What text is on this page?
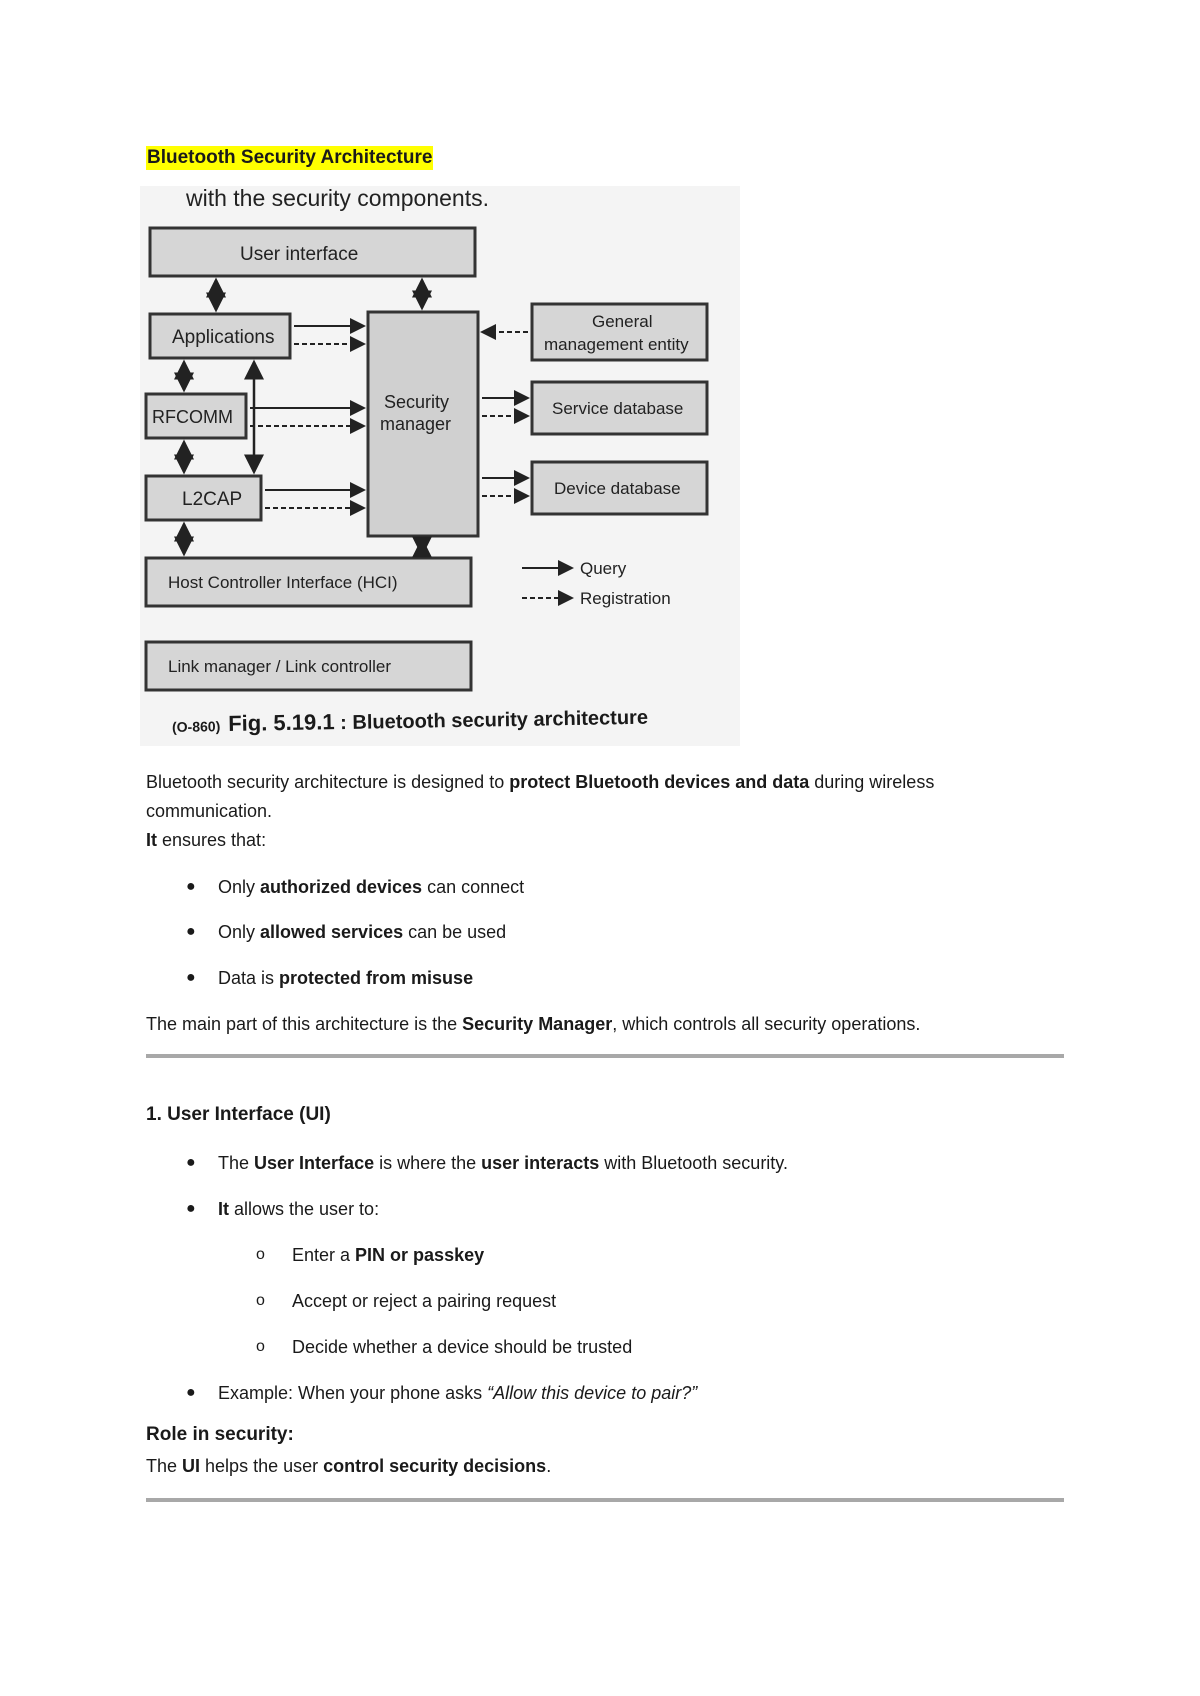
Bluetooth Security Architecture
with the security components.
User interface
Applications
RFCOMM
L2CAP
Host Controller Interface (HCI)
Link manager / Link controller
Security
manager
General
management entity
Service database
Device database
Query
Registration
(O-860) Fig. 5.19.1 : Bluetooth security architecture
Bluetooth security architecture is designed to protect Bluetooth devices and data during wireless
communication.
It ensures that:
● Only authorized devices can connect
● Only allowed services can be used
● Data is protected from misuse
The main part of this architecture is the Security Manager, which controls all security operations.
1. User Interface (UI)
● The User Interface is where the user interacts with Bluetooth security.
● It allows the user to:
o Enter a PIN or passkey
o Accept or reject a pairing request
o Decide whether a device should be trusted
● Example: When your phone asks “Allow this device to pair?”
Role in security:
The UI helps the user control security decisions.
